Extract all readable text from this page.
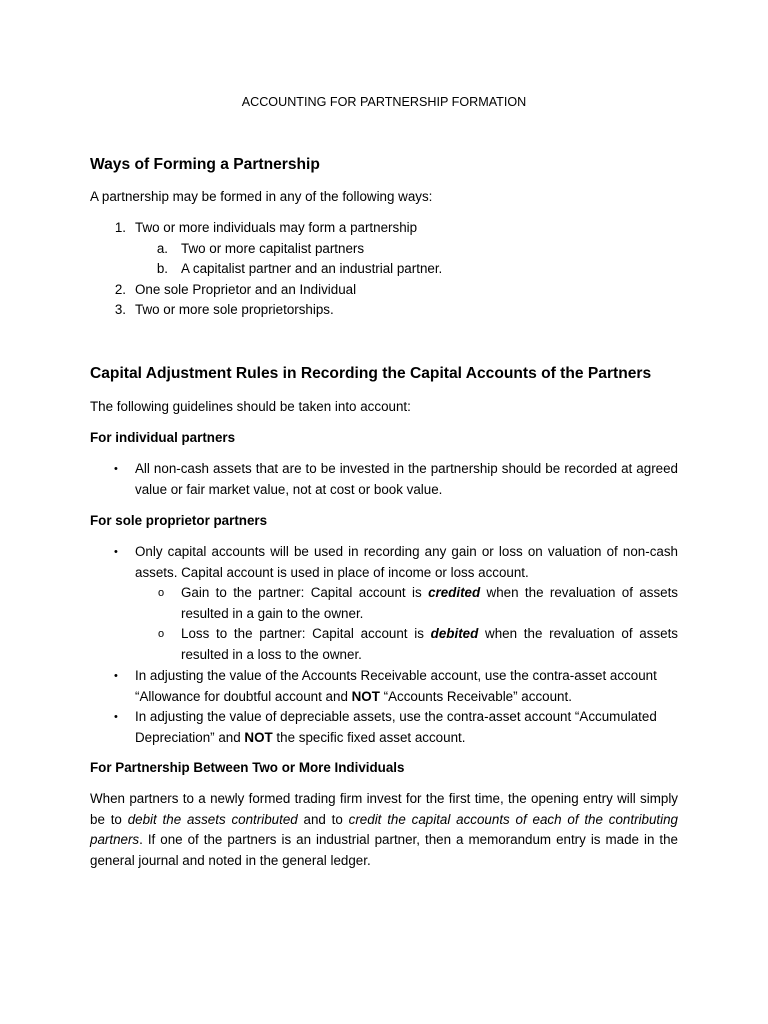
ACCOUNTING FOR PARTNERSHIP FORMATION

Ways of Forming a Partnership

A partnership may be formed in any of the following ways:

1. Two or more individuals may form a partnership
a. Two or more capitalist partners
b. A capitalist partner and an industrial partner.
2. One sole Proprietor and an Individual
3. Two or more sole proprietorships.

Capital Adjustment Rules in Recording the Capital Accounts of the Partners

The following guidelines should be taken into account:

For individual partners

• All non-cash assets that are to be invested in the partnership should be recorded at agreed value or fair market value, not at cost or book value.

For sole proprietor partners

• Only capital accounts will be used in recording any gain or loss on valuation of non-cash assets. Capital account is used in place of income or loss account.

o Gain to the partner: Capital account is credited when the revaluation of assets resulted in a gain to the owner.

o Loss to the partner: Capital account is debited when the revaluation of assets resulted in a loss to the owner.

• In adjusting the value of the Accounts Receivable account, use the contra-asset account “Allowance for doubtful account and NOT “Accounts Receivable” account.

• In adjusting the value of depreciable assets, use the contra-asset account “Accumulated Depreciation” and NOT the specific fixed asset account.

For Partnership Between Two or More Individuals

When partners to a newly formed trading firm invest for the first time, the opening entry will simply be to debit the assets contributed and to credit the capital accounts of each of the contributing partners. If one of the partners is an industrial partner, then a memorandum entry is made in the general journal and noted in the general ledger.
